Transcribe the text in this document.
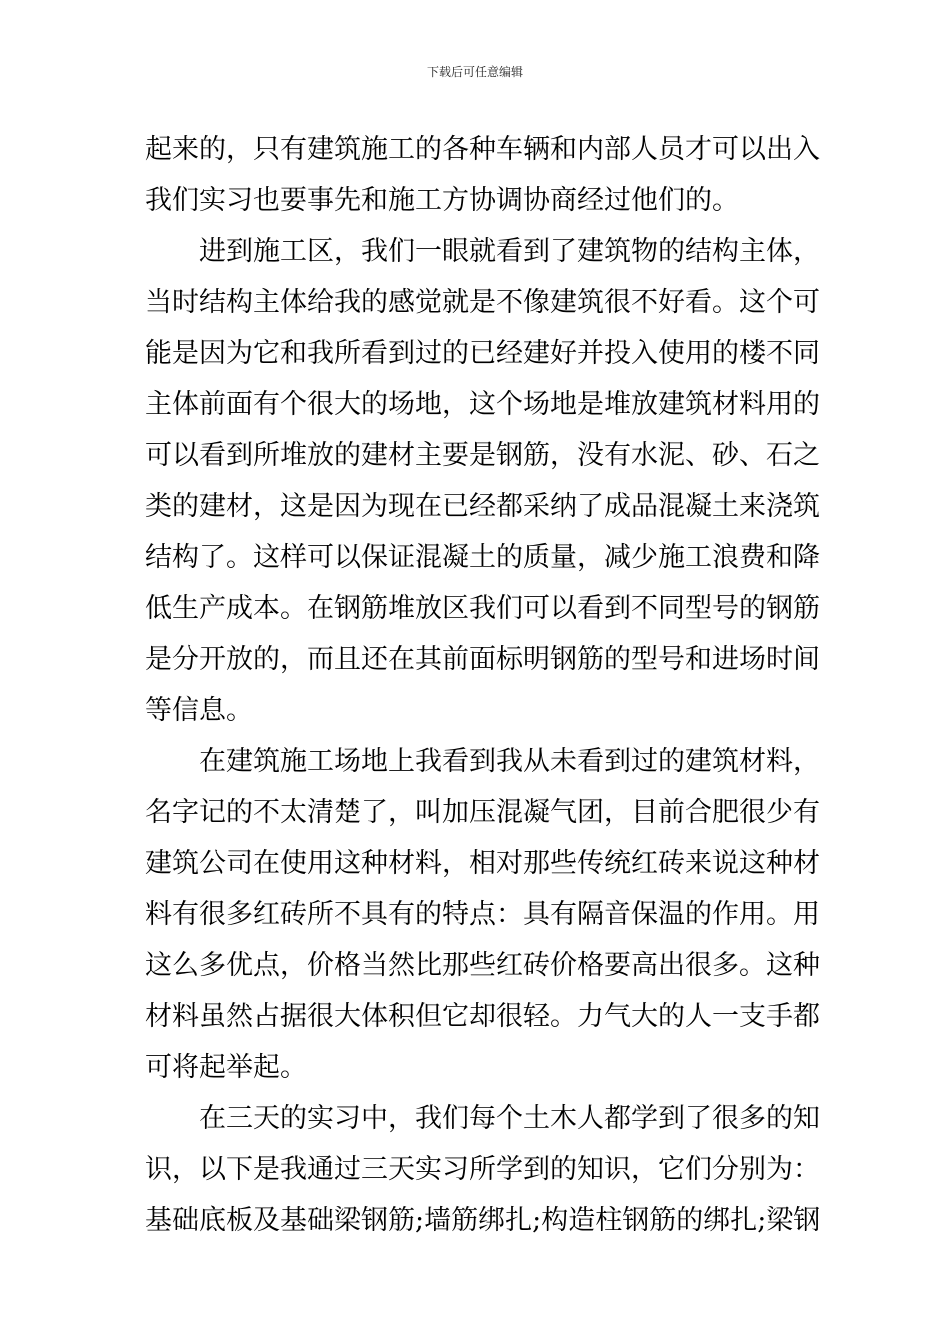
下载后可任意编辑
起来的，只有建筑施工的各种车辆和内部人员才可以出入
我们实习也要事先和施工方协调协商经过他们的。
进到施工区，我们一眼就看到了建筑物的结构主体，
当时结构主体给我的感觉就是不像建筑很不好看。这个可
能是因为它和我所看到过的已经建好并投入使用的楼不同
主体前面有个很大的场地，这个场地是堆放建筑材料用的
可以看到所堆放的建材主要是钢筋，没有水泥、砂、石之
类的建材，这是因为现在已经都采纳了成品混凝土来浇筑
结构了。这样可以保证混凝土的质量，减少施工浪费和降
低生产成本。在钢筋堆放区我们可以看到不同型号的钢筋
是分开放的，而且还在其前面标明钢筋的型号和进场时间
等信息。
在建筑施工场地上我看到我从未看到过的建筑材料，
名字记的不太清楚了，叫加压混凝气团，目前合肥很少有
建筑公司在使用这种材料，相对那些传统红砖来说这种材
料有很多红砖所不具有的特点：具有隔音保温的作用。用
这么多优点，价格当然比那些红砖价格要高出很多。这种
材料虽然占据很大体积但它却很轻。力气大的人一支手都
可将起举起。
在三天的实习中，我们每个土木人都学到了很多的知
识，以下是我通过三天实习所学到的知识，它们分别为：
基础底板及基础梁钢筋;墙筋绑扎;构造柱钢筋的绑扎;梁钢
